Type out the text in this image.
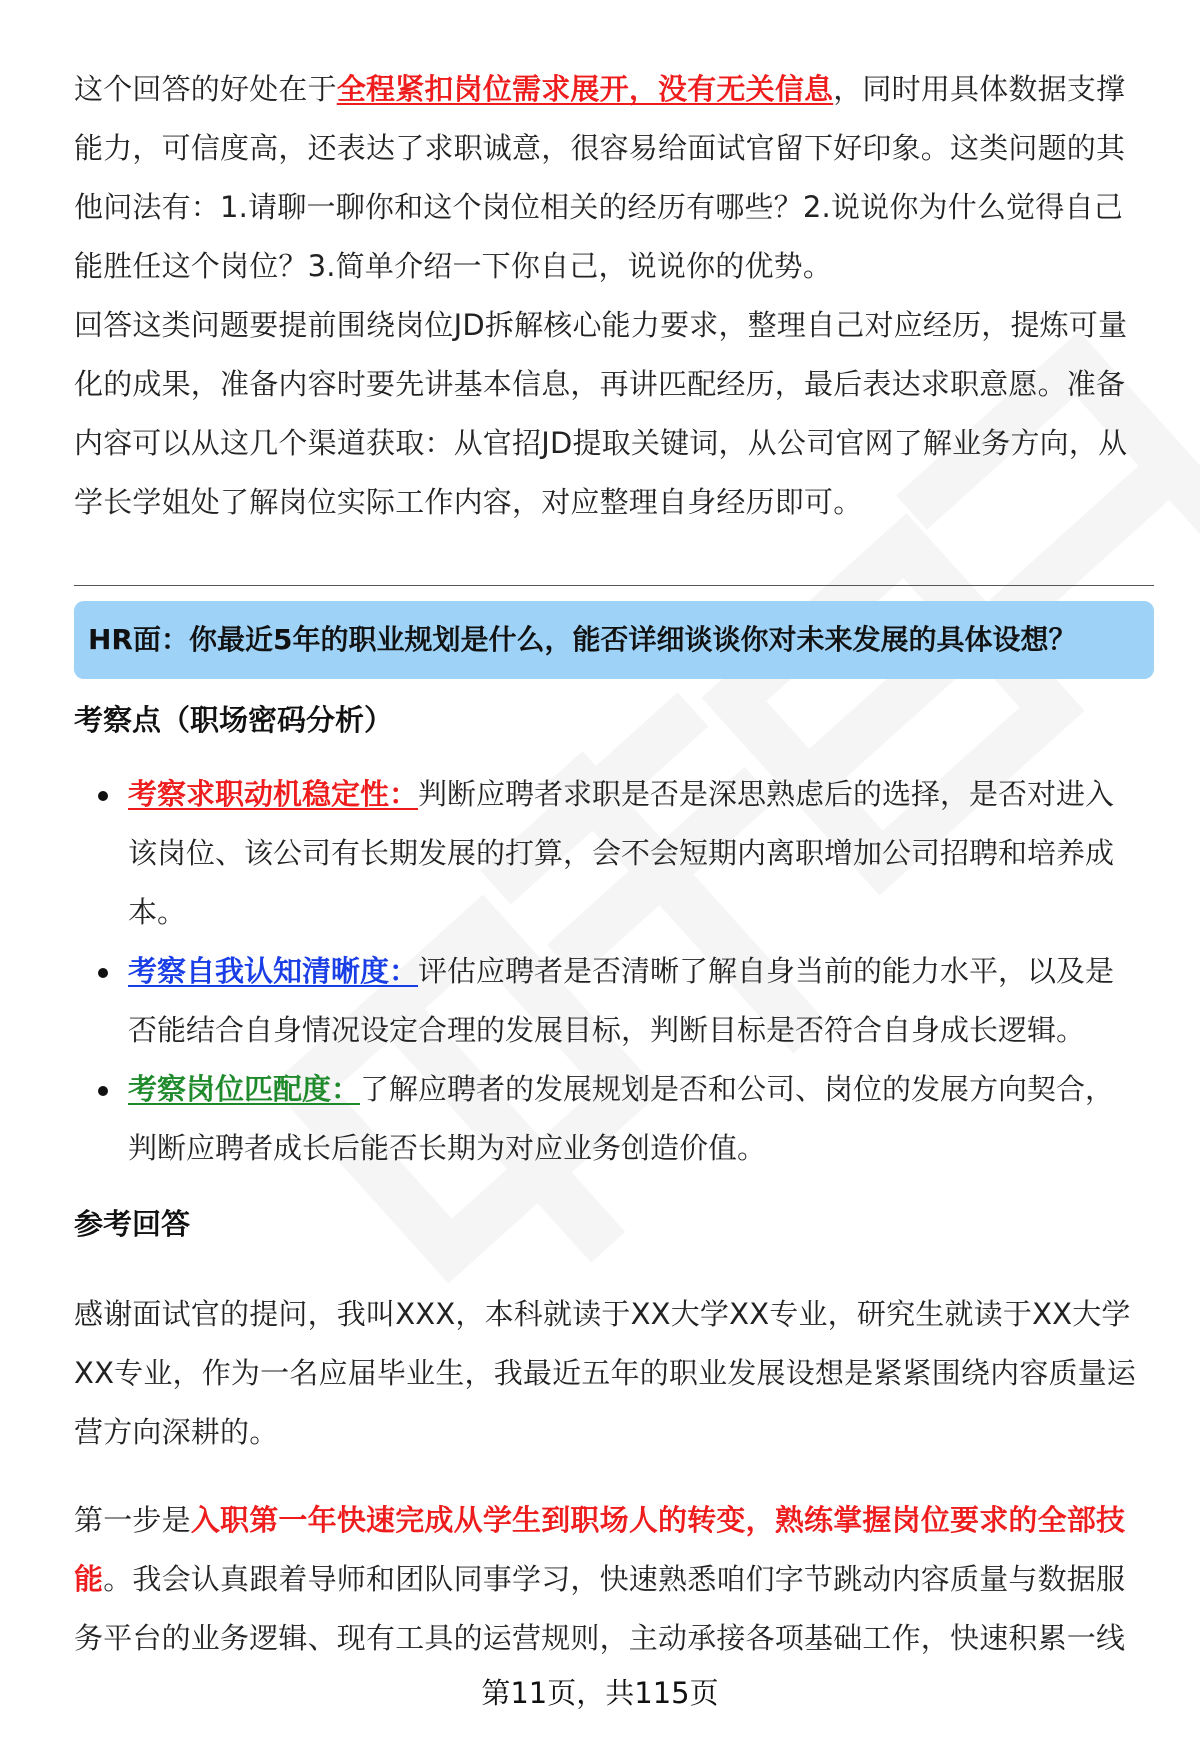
这个回答的好处在于全程紧扣岗位需求展开，没有无关信息，同时用具体数据支撑
能力，可信度高，还表达了求职诚意，很容易给面试官留下好印象。这类问题的其
他问法有：1.请聊一聊你和这个岗位相关的经历有哪些？2.说说你为什么觉得自己
能胜任这个岗位？3.简单介绍一下你自己，说说你的优势。

回答这类问题要提前围绕岗位JD拆解核心能力要求，整理自己对应经历，提炼可量
化的成果，准备内容时要先讲基本信息，再讲匹配经历，最后表达求职意愿。准备
内容可以从这几个渠道获取：从官招JD提取关键词，从公司官网了解业务方向，从
学长学姐处了解岗位实际工作内容，对应整理自身经历即可。

HR面：你最近5年的职业规划是什么，能否详细谈谈你对未来发展的具体设想？
考察点（职场密码分析）
考察求职动机稳定性：判断应聘者求职是否是深思熟虑后的选择，是否对进入
该岗位、该公司有长期发展的打算，会不会短期内离职增加公司招聘和培养成
本。
考察自我认知清晰度：评估应聘者是否清晰了解自身当前的能力水平，以及是
否能结合自身情况设定合理的发展目标，判断目标是否符合自身成长逻辑。
考察岗位匹配度：了解应聘者的发展规划是否和公司、岗位的发展方向契合，
判断应聘者成长后能否长期为对应业务创造价值。
参考回答

感谢面试官的提问，我叫XXX，本科就读于XX大学XX专业，研究生就读于XX大学
XX专业，作为一名应届毕业生，我最近五年的职业发展设想是紧紧围绕内容质量运
营方向深耕的。

第一步是入职第一年快速完成从学生到职场人的转变，熟练掌握岗位要求的全部技
能。我会认真跟着导师和团队同事学习，快速熟悉咱们字节跳动内容质量与数据服
务平台的业务逻辑、现有工具的运营规则，主动承接各项基础工作，快速积累一线

第11页，共115页
